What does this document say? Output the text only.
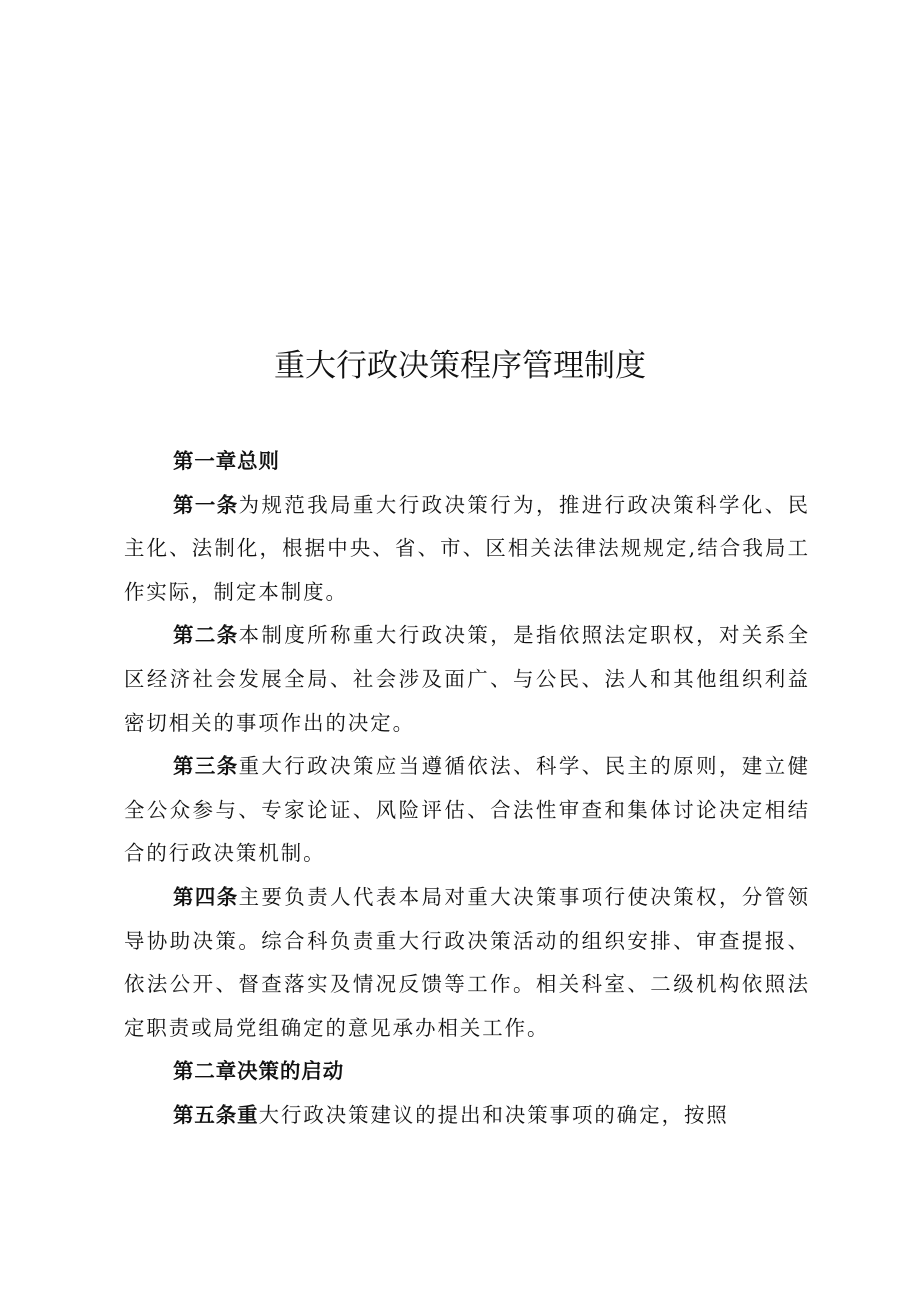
重大行政决策程序管理制度

第一章总则

第一条为规范我局重大行政决策行为，推进行政决策科学化、民主化、法制化，根据中央、省、市、区相关法律法规规定,结合我局工作实际，制定本制度。

第二条本制度所称重大行政决策，是指依照法定职权，对关系全区经济社会发展全局、社会涉及面广、与公民、法人和其他组织利益密切相关的事项作出的决定。

第三条重大行政决策应当遵循依法、科学、民主的原则，建立健全公众参与、专家论证、风险评估、合法性审查和集体讨论决定相结合的行政决策机制。

第四条主要负责人代表本局对重大决策事项行使决策权，分管领导协助决策。综合科负责重大行政决策活动的组织安排、审查提报、依法公开、督查落实及情况反馈等工作。相关科室、二级机构依照法定职责或局党组确定的意见承办相关工作。

第二章决策的启动

第五条重大行政决策建议的提出和决策事项的确定，按照
